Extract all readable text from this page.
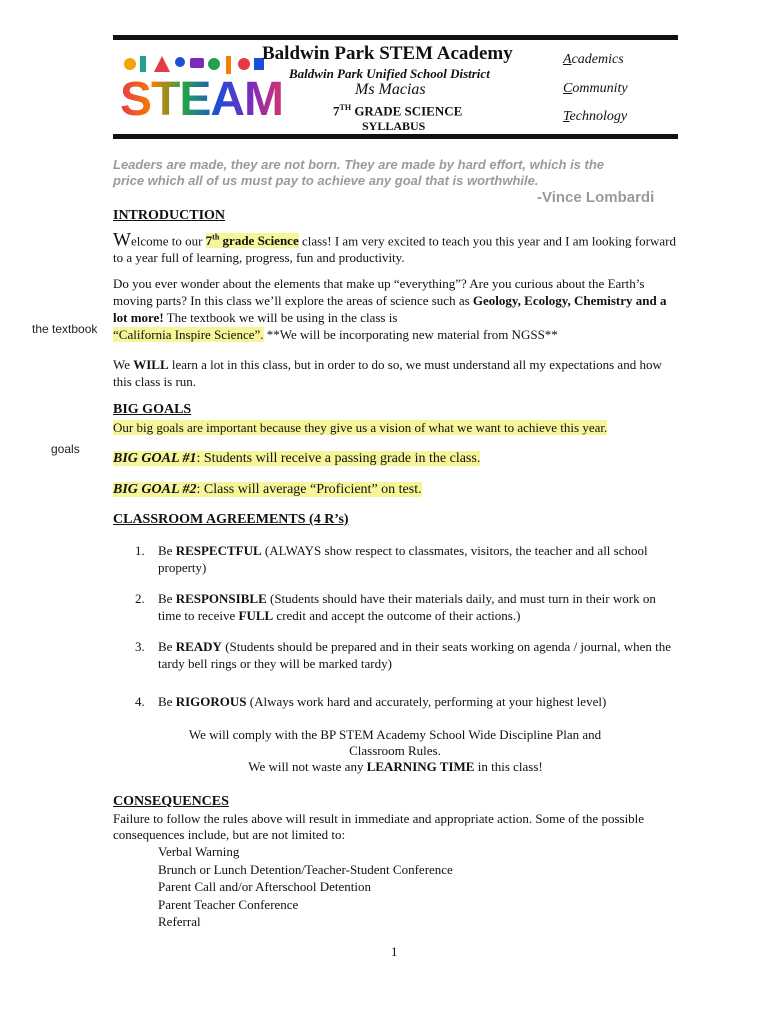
STEAM
Baldwin Park STEM Academy
Baldwin Park Unified School District
Ms Macias
7TH GRADE SCIENCE
SYLLABUS
Academics
Community
Technology
Leaders are made, they are not born. They are made by hard effort, which is the price which all of us must pay to achieve any goal that is worthwhile.
-Vince Lombardi
INTRODUCTION
Welcome to our 7th grade Science class! I am very excited to teach you this year and I am looking forward to a year full of learning, progress, fun and productivity.
Do you ever wonder about the elements that make up “everything”? Are you curious about the Earth’s moving parts? In this class we’ll explore the areas of science such as Geology, Ecology, Chemistry and a lot more! The textbook we will be using in the class is
“California Inspire Science”. **We will be incorporating new material from NGSS**
the textbook
We WILL learn a lot in this class, but in order to do so, we must understand all my expectations and how this class is run.
BIG GOALS
Our big goals are important because they give us a vision of what we want to achieve this year.
goals
BIG GOAL #1: Students will receive a passing grade in the class.
BIG GOAL #2: Class will average “Proficient” on test.
CLASSROOM AGREEMENTS (4 R’s)
1. Be RESPECTFUL (ALWAYS show respect to classmates, visitors, the teacher and all school property)
2. Be RESPONSIBLE (Students should have their materials daily, and must turn in their work on time to receive FULL credit and accept the outcome of their actions.)
3. Be READY (Students should be prepared and in their seats working on agenda / journal, when the tardy bell rings or they will be marked tardy)
4. Be RIGOROUS (Always work hard and accurately, performing at your highest level)
We will comply with the BP STEM Academy School Wide Discipline Plan and Classroom Rules.
We will not waste any LEARNING TIME in this class!
CONSEQUENCES
Failure to follow the rules above will result in immediate and appropriate action. Some of the possible consequences include, but are not limited to:
Verbal Warning
Brunch or Lunch Detention/Teacher-Student Conference
Parent Call and/or Afterschool Detention
Parent Teacher Conference
Referral
1
